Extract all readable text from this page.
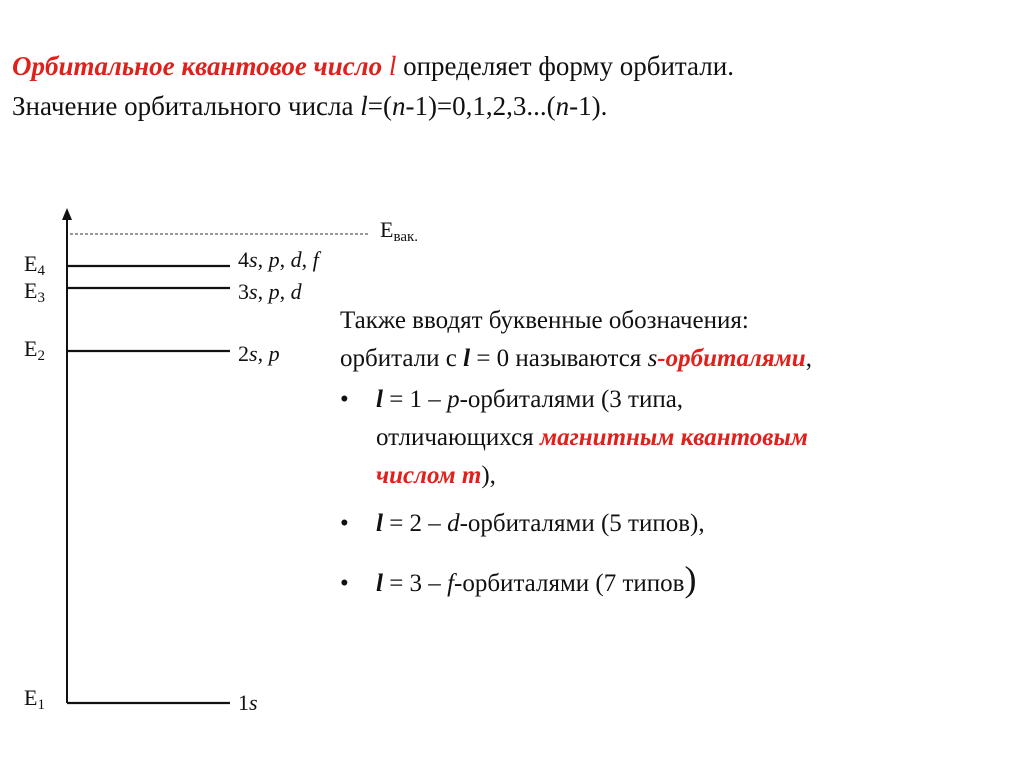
Орбитальное квантовое число l определяет форму орбитали.
Значение орбитального числа l=(n-1)=0,1,2,3...(n-1).
$E_{вак.}$
$E_4$
$E_3$
$E_2$
$E_1$
4s, p, d, f
3s, p, d
2s, p
1s
Также вводят буквенные обозначения:
орбитали с l = 0 называются s-орбиталями,
• l = 1 – p-орбиталями (3 типа,
отличающихся магнитным квантовым
числом m),
• l = 2 – d-орбиталями (5 типов),
• l = 3 – f-орбиталями (7 типов)
